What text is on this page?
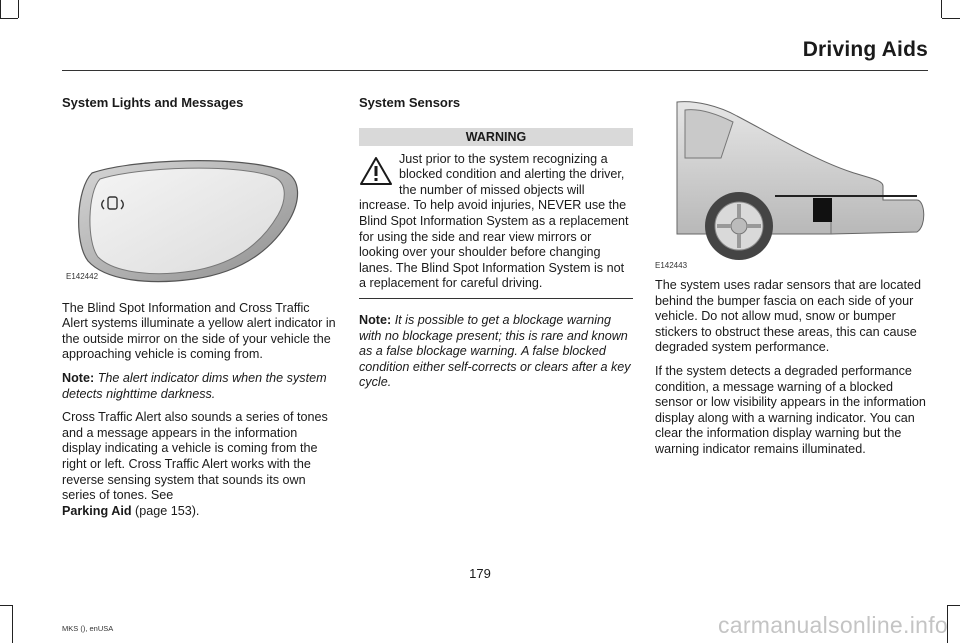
Driving Aids
System Lights and Messages
E142442

The Blind Spot Information and Cross Traffic Alert systems illuminate a yellow alert indicator in the outside mirror on the side of your vehicle the approaching vehicle is coming from.

Note: The alert indicator dims when the system detects nighttime darkness.

Cross Traffic Alert also sounds a series of tones and a message appears in the information display indicating a vehicle is coming from the right or left. Cross Traffic Alert works with the reverse sensing system that sounds its own series of tones. See
Parking Aid (page 153).

System Sensors
WARNING
Just prior to the system recognizing a blocked condition and alerting the driver, the number of missed objects will increase. To help avoid injuries, NEVER use the Blind Spot Information System as a replacement for using the side and rear view mirrors or looking over your shoulder before changing lanes. The Blind Spot Information System is not a replacement for careful driving.

Note: It is possible to get a blockage warning with no blockage present; this is rare and known as a false blockage warning. A false blocked condition either self-corrects or clears after a key cycle.

E142443

The system uses radar sensors that are located behind the bumper fascia on each side of your vehicle. Do not allow mud, snow or bumper stickers to obstruct these areas, this can cause degraded system performance.

If the system detects a degraded performance condition, a message warning of a blocked sensor or low visibility appears in the information display along with a warning indicator. You can clear the information display warning but the warning indicator remains illuminated.

179
MKS (), enUSA	carmanualsonline.info
